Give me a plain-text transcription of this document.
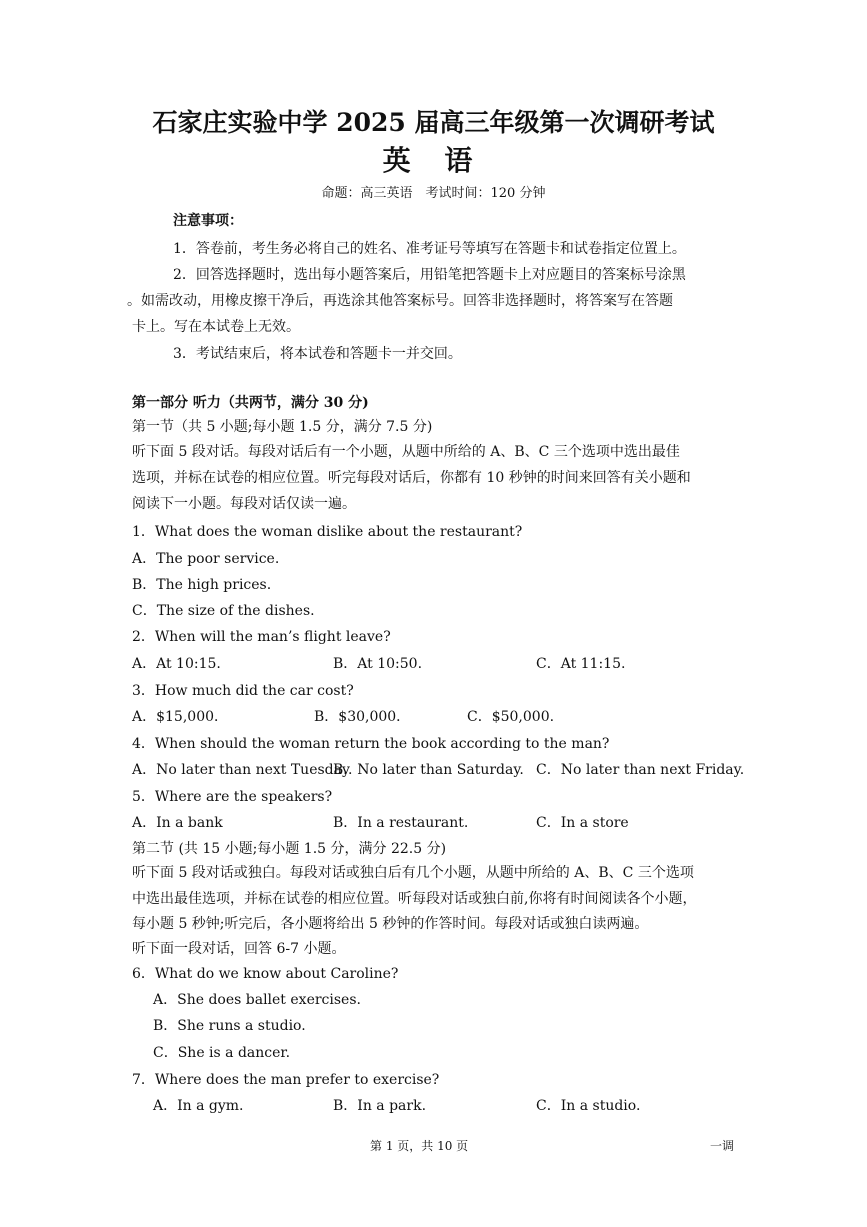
石家庄实验中学 2025 届高三年级第一次调研考试
英 语
命题：高三英语　考试时间：120 分钟
注意事项：
1．答卷前，考生务必将自己的姓名、准考证号等填写在答题卡和试卷指定位置上。
2．回答选择题时，选出每小题答案后，用铅笔把答题卡上对应题目的答案标号涂黑
。如需改动，用橡皮擦干净后，再选涂其他答案标号。回答非选择题时，将答案写在答题
卡上。写在本试卷上无效。
3．考试结束后，将本试卷和答题卡一并交回。
第一部分 听力（共两节，满分 30 分)
第一节（共 5 小题;每小题 1.5 分，满分 7.5 分)
听下面 5 段对话。每段对话后有一个小题，从题中所给的 A、B、C 三个选项中选出最佳
选项，并标在试卷的相应位置。听完每段对话后，你都有 10 秒钟的时间来回答有关小题和
阅读下一小题。每段对话仅读一遍。
1．What does the woman dislike about the restaurant?
A．The poor service.
B．The high prices.
C．The size of the dishes.
2．When will the man’s flight leave?
A．At 10:15.	B．At 10:50.	C．At 11:15.
3．How much did the car cost?
A．$15,000．	B．$30,000．	C．$50,000.
4．When should the woman return the book according to the man?
A．No later than next Tuesday.
B．No later than Saturday. C．No later than next Friday.
5．Where are the speakers?
A．In a bank	B．In a restaurant.	C．In a store
第二节 (共 15 小题;每小题 1.5 分，满分 22.5 分)
听下面 5 段对话或独白。每段对话或独白后有几个小题，从题中所给的 A、B、C 三个选项
中选出最佳选项，并标在试卷的相应位置。听每段对话或独白前,你将有时间阅读各个小题，
每小题 5 秒钟;听完后，各小题将给出 5 秒钟的作答时间。每段对话或独白读两遍。
听下面一段对话，回答 6-7 小题。
6．What do we know about Caroline?
A．She does ballet exercises.
B．She runs a studio.
C．She is a dancer.
7．Where does the man prefer to exercise?
A．In a gym.	B．In a park.	C．In a studio.
第 1 页，共 10 页	一调
